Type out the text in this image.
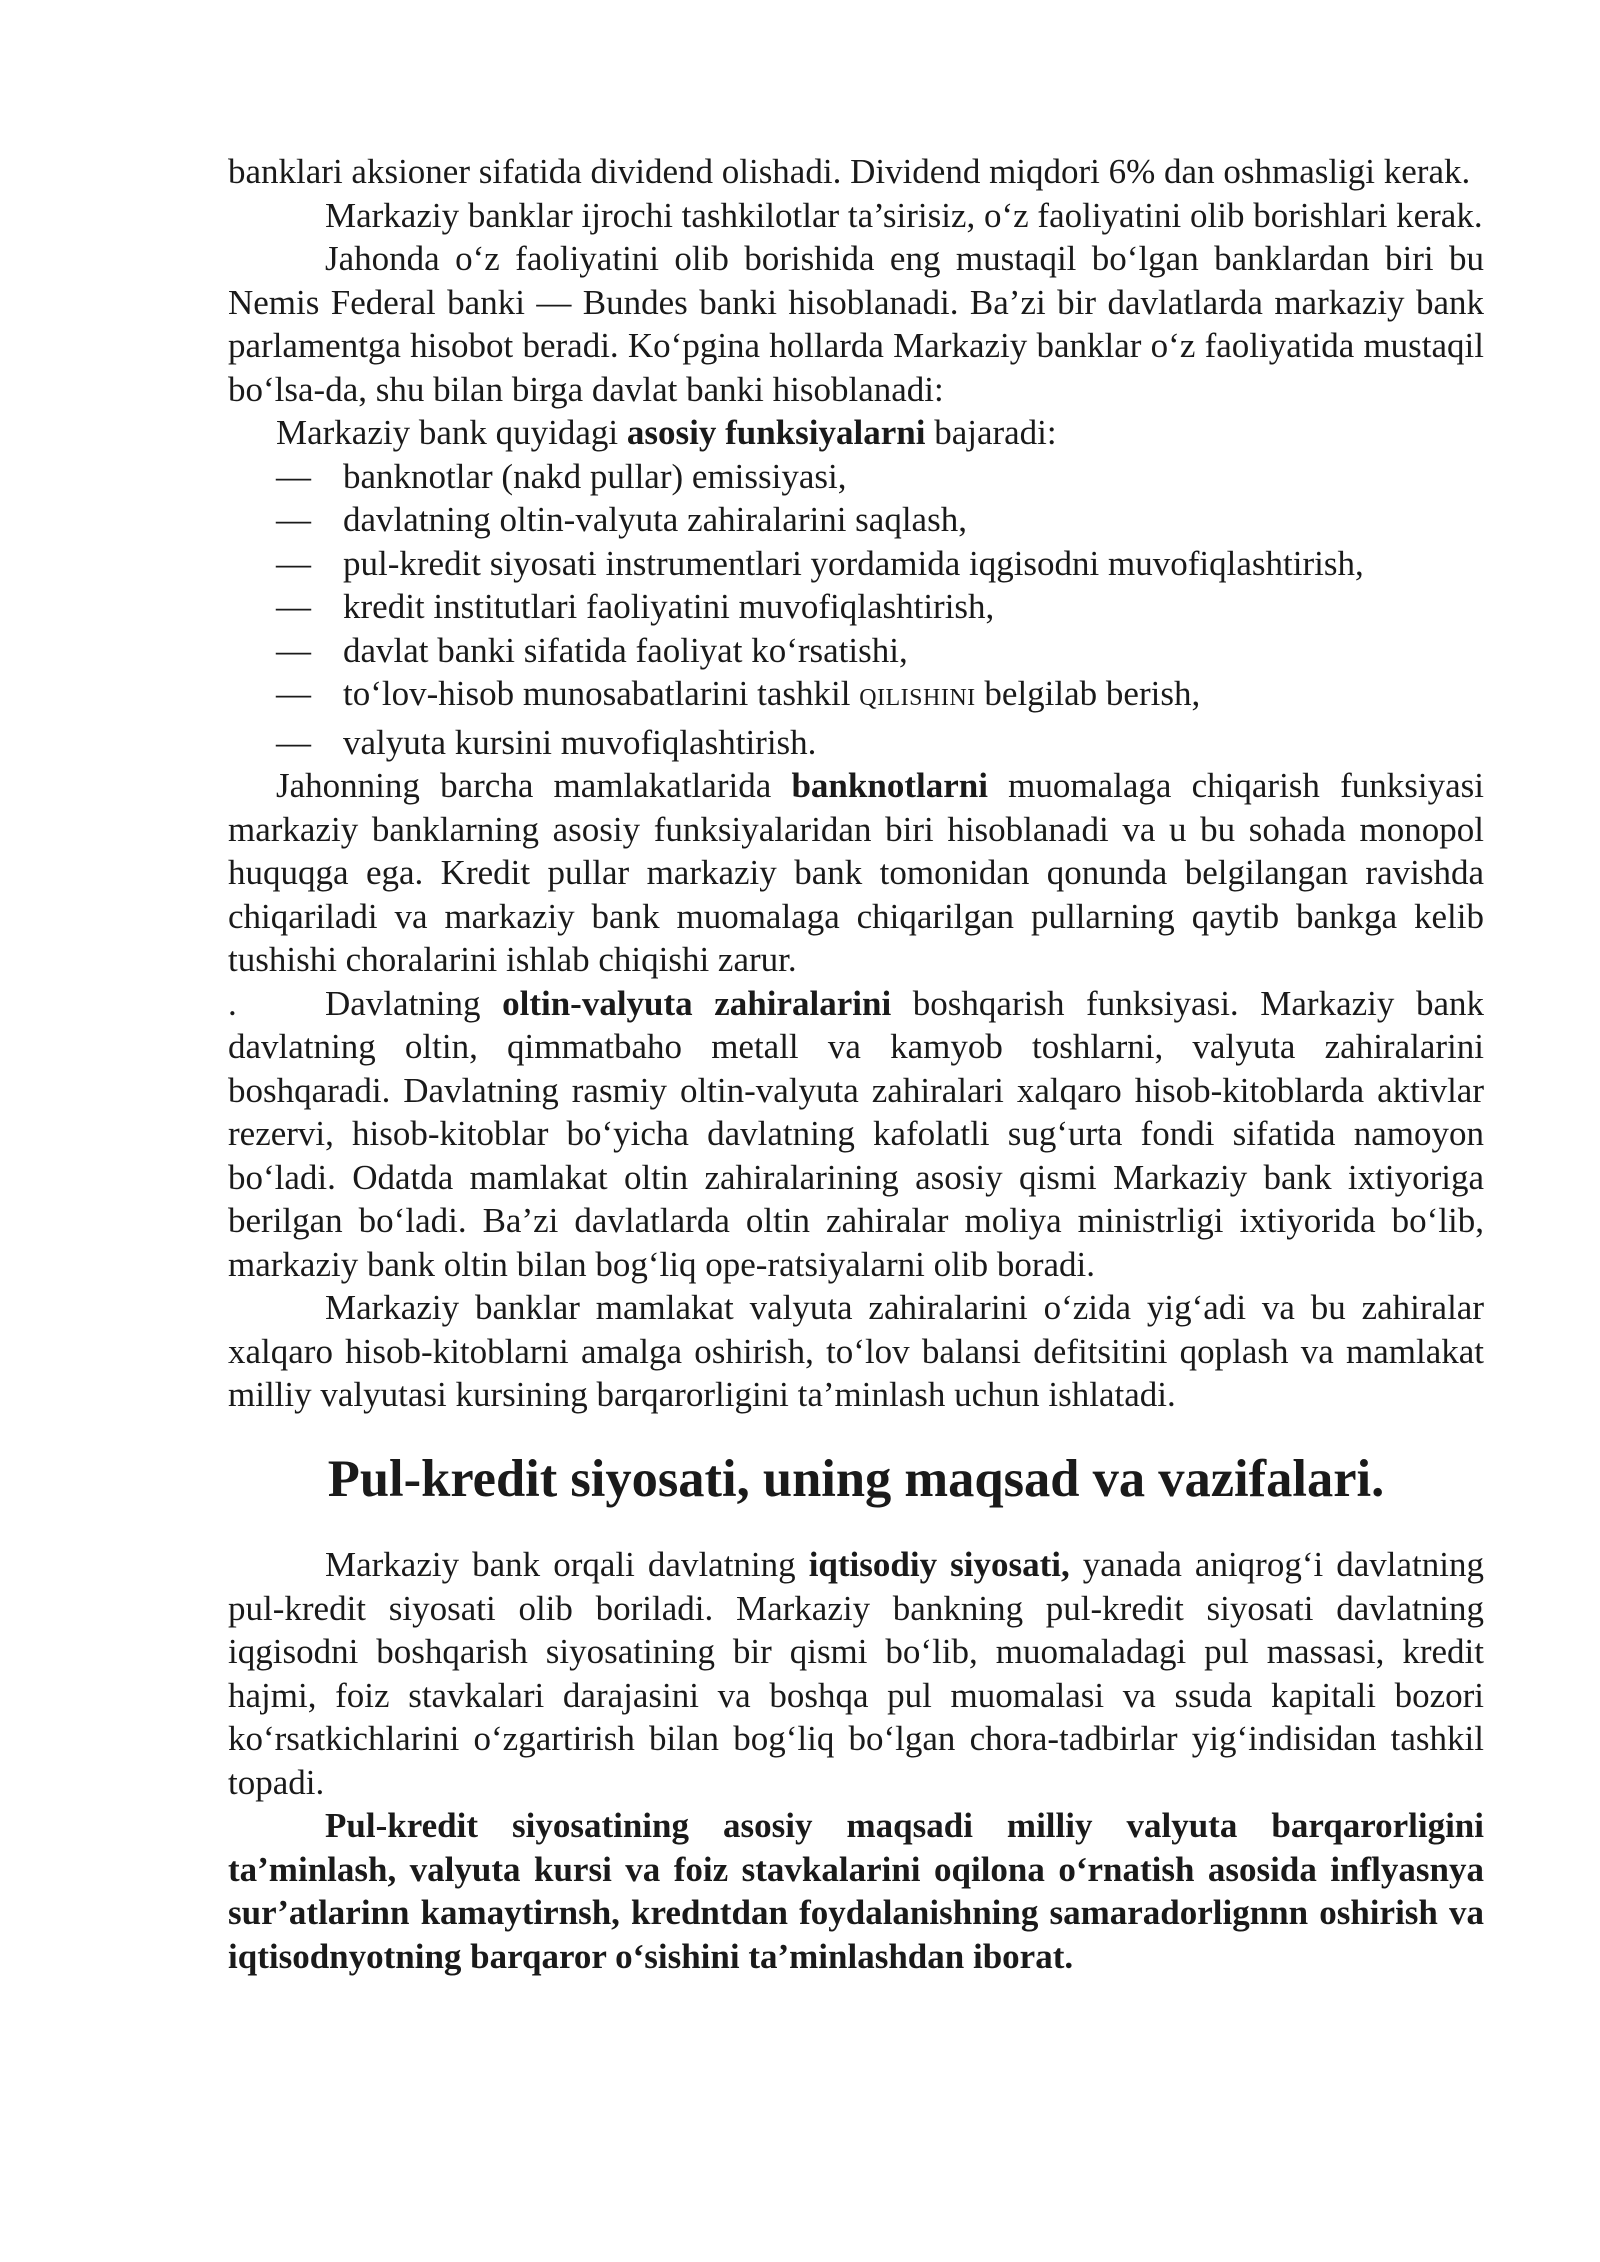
banklari aksioner sifatida dividend olishadi. Dividend miqdori 6% dan oshmasligi kerak.

Markaziy banklar ijrochi tashkilotlar ta’sirisiz, o‘z faoliyatini olib borishlari kerak.

Jahonda o‘z faoliyatini olib borishida eng mustaqil bo‘lgan banklardan biri bu Nemis Federal banki — Bundes banki hisoblanadi. Ba’zi bir davlatlarda markaziy bank parlamentga hisobot beradi. Ko‘pgina hollarda Markaziy banklar o‘z faoliyatida mustaqil bo‘lsa-da, shu bilan birga davlat banki hisoblanadi:

Markaziy bank quyidagi asosiy funksiyalarni bajaradi:

— banknotlar (nakd pullar) emissiyasi,
— davlatning oltin-valyuta zahiralarini saqlash,
— pul-kredit siyosati instrumentlari yordamida iqgisodni muvofiqlashtirish,
— kredit institutlari faoliyatini muvofiqlashtirish,
— davlat banki sifatida faoliyat ko‘rsatishi,
— to‘lov-hisob munosabatlarini tashkil QILISHINI belgilab berish,
— valyuta kursini muvofiqlashtirish.

Jahonning barcha mamlakatlarida banknotlarni muomalaga chiqarish funksiyasi markaziy banklarning asosiy funksiyalaridan biri hisoblanadi va u bu sohada monopol huquqga ega. Kredit pullar markaziy bank tomonidan qonunda belgilangan ravishda chiqariladi va markaziy bank muomalaga chiqarilgan pullarning qaytib bankga kelib tushishi choralarini ishlab chiqishi zarur.

.	Davlatning oltin-valyuta zahiralarini boshqarish funksiyasi. Markaziy bank davlatning oltin, qimmatbaho metall va kamyob toshlarni, valyuta zahiralarini boshqaradi. Davlatning rasmiy oltin-valyuta zahiralari xalqaro hisob-kitoblarda aktivlar rezervi, hisob-kitoblar bo‘yicha davlatning kafolatli sug‘urta fondi sifatida namoyon bo‘ladi. Odatda mamlakat oltin zahiralarining asosiy qismi Markaziy bank ixtiyoriga berilgan bo‘ladi. Ba’zi davlatlarda oltin zahiralar moliya ministrligi ixtiyorida bo‘lib, markaziy bank oltin bilan bog‘liq ope-ratsiyalarni olib boradi.

Markaziy banklar mamlakat valyuta zahiralarini o‘zida yig‘adi va bu zahiralar xalqaro hisob-kitoblarni amalga oshirish, to‘lov balansi defitsitini qoplash va mamlakat milliy valyutasi kursining barqarorligini ta’minlash uchun ishlatadi.

Pul-kredit siyosati, uning maqsad va vazifalari.

Markaziy bank orqali davlatning iqtisodiy siyosati, yanada aniqrog‘i davlatning pul-kredit siyosati olib boriladi. Markaziy bankning pul-kredit siyosati davlatning iqgisodni boshqarish siyosatining bir qismi bo‘lib, muomaladagi pul massasi, kredit hajmi, foiz stavkalari darajasini va boshqa pul muomalasi va ssuda kapitali bozori ko‘rsatkichlarini o‘zgartirish bilan bog‘liq bo‘lgan chora-tadbirlar yig‘indisidan tashkil topadi.

Pul-kredit siyosatining asosiy maqsadi milliy valyuta barqarorligini ta’minlash, valyuta kursi va foiz stavkalarini oqilona o‘rnatish asosida inflyasnya sur’atlarinn kamaytirnsh, kredntdan foydalanishning samaradorlignnn oshirish va iqtisodnyotning barqaror o‘sishini ta’minlashdan iborat.
